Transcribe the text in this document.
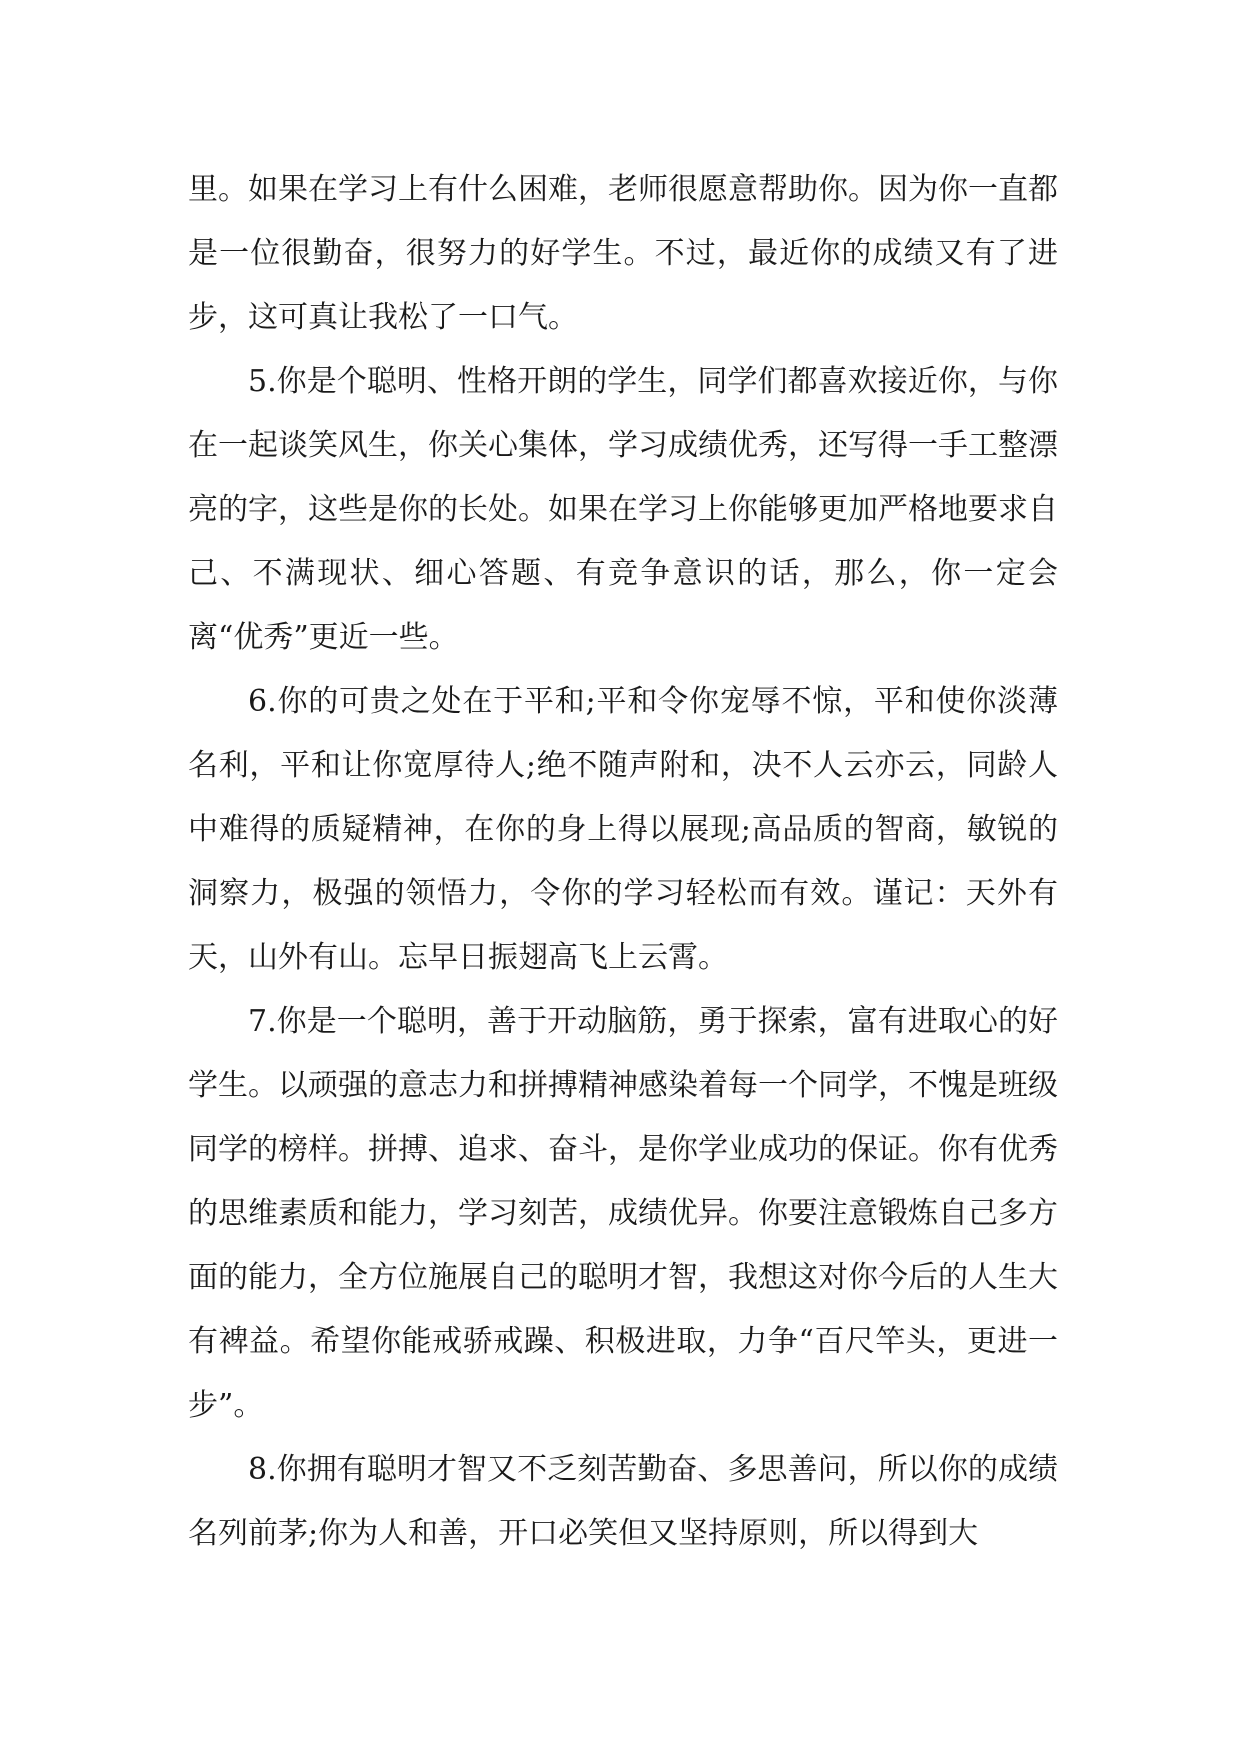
里。如果在学习上有什么困难，老师很愿意帮助你。因为你一直都是一位很勤奋，很努力的好学生。不过，最近你的成绩又有了进步，这可真让我松了一口气。

5.你是个聪明、性格开朗的学生，同学们都喜欢接近你，与你在一起谈笑风生，你关心集体，学习成绩优秀，还写得一手工整漂亮的字，这些是你的长处。如果在学习上你能够更加严格地要求自己、不满现状、细心答题、有竞争意识的话，那么，你一定会离“优秀”更近一些。

6.你的可贵之处在于平和;平和令你宠辱不惊，平和使你淡薄名利，平和让你宽厚待人;绝不随声附和，决不人云亦云，同龄人中难得的质疑精神，在你的身上得以展现;高品质的智商，敏锐的洞察力，极强的领悟力，令你的学习轻松而有效。谨记：天外有天，山外有山。忘早日振翅高飞上云霄。

7.你是一个聪明，善于开动脑筋，勇于探索，富有进取心的好学生。以顽强的意志力和拼搏精神感染着每一个同学，不愧是班级同学的榜样。拼搏、追求、奋斗，是你学业成功的保证。你有优秀的思维素质和能力，学习刻苦，成绩优异。你要注意锻炼自己多方面的能力，全方位施展自己的聪明才智，我想这对你今后的人生大有裨益。希望你能戒骄戒躁、积极进取，力争“百尺竿头，更进一步”。

8.你拥有聪明才智又不乏刻苦勤奋、多思善问，所以你的成绩名列前茅;你为人和善，开口必笑但又坚持原则，所以得到大
